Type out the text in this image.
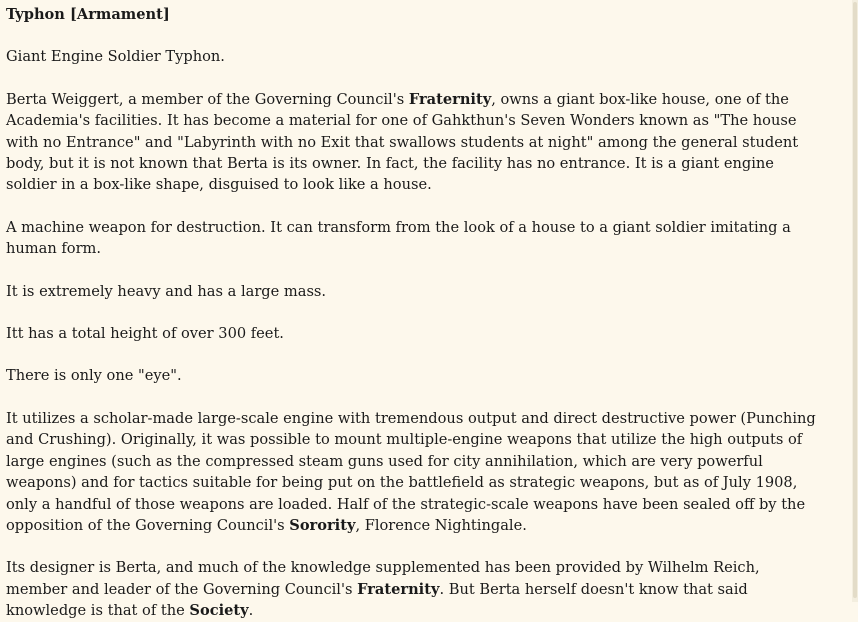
Typhon [Armament]

Giant Engine Soldier Typhon.

Berta Weiggert, a member of the Governing Council's Fraternity, owns a giant box-like house, one of the Academia's facilities. It has become a material for one of Gahkthun's Seven Wonders known as "The house with no Entrance" and "Labyrinth with no Exit that swallows students at night" among the general student body, but it is not known that Berta is its owner. In fact, the facility has no entrance. It is a giant engine soldier in a box-like shape, disguised to look like a house.

A machine weapon for destruction. It can transform from the look of a house to a giant soldier imitating a human form.

It is extremely heavy and has a large mass.

Itt has a total height of over 300 feet.

There is only one "eye".

It utilizes a scholar-made large-scale engine with tremendous output and direct destructive power (Punching and Crushing). Originally, it was possible to mount multiple-engine weapons that utilize the high outputs of large engines (such as the compressed steam guns used for city annihilation, which are very powerful weapons) and for tactics suitable for being put on the battlefield as strategic weapons, but as of July 1908, only a handful of those weapons are loaded. Half of the strategic-scale weapons have been sealed off by the opposition of the Governing Council's Sorority, Florence Nightingale.

Its designer is Berta, and much of the knowledge supplemented has been provided by Wilhelm Reich, member and leader of the Governing Council's Fraternity. But Berta herself doesn't know that said knowledge is that of the Society.
